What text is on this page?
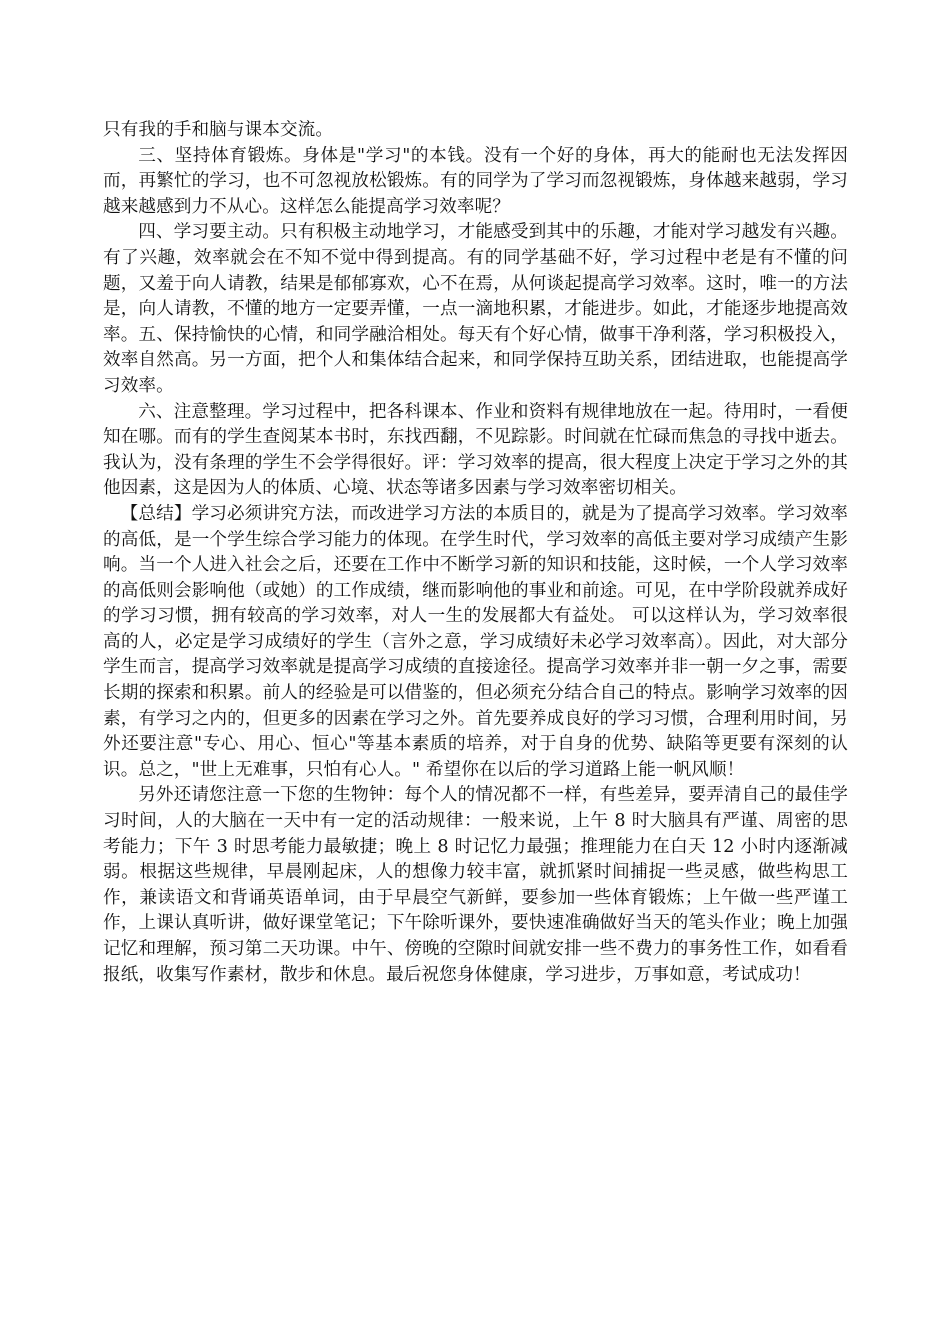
只有我的手和脑与课本交流。

三、坚持体育锻炼。身体是"学习"的本钱。没有一个好的身体，再大的能耐也无法发挥因而，再繁忙的学习，也不可忽视放松锻炼。有的同学为了学习而忽视锻炼，身体越来越弱，学习越来越感到力不从心。这样怎么能提高学习效率呢？

四、学习要主动。只有积极主动地学习，才能感受到其中的乐趣，才能对学习越发有兴趣。有了兴趣，效率就会在不知不觉中得到提高。有的同学基础不好，学习过程中老是有不懂的问题，又羞于向人请教，结果是郁郁寡欢，心不在焉，从何谈起提高学习效率。这时，唯一的方法是，向人请教，不懂的地方一定要弄懂，一点一滴地积累，才能进步。如此，才能逐步地提高效率。五、保持愉快的心情，和同学融洽相处。每天有个好心情，做事干净利落，学习积极投入，效率自然高。另一方面，把个人和集体结合起来，和同学保持互助关系，团结进取，也能提高学习效率。

六、注意整理。学习过程中，把各科课本、作业和资料有规律地放在一起。待用时，一看便知在哪。而有的学生查阅某本书时，东找西翻，不见踪影。时间就在忙碌而焦急的寻找中逝去。我认为，没有条理的学生不会学得很好。评：学习效率的提高，很大程度上决定于学习之外的其他因素，这是因为人的体质、心境、状态等诸多因素与学习效率密切相关。

【总结】学习必须讲究方法，而改进学习方法的本质目的，就是为了提高学习效率。学习效率的高低，是一个学生综合学习能力的体现。在学生时代，学习效率的高低主要对学习成绩产生影响。当一个人进入社会之后，还要在工作中不断学习新的知识和技能，这时候，一个人学习效率的高低则会影响他（或她）的工作成绩，继而影响他的事业和前途。可见，在中学阶段就养成好的学习习惯，拥有较高的学习效率，对人一生的发展都大有益处。 可以这样认为，学习效率很高的人，必定是学习成绩好的学生（言外之意，学习成绩好未必学习效率高）。因此，对大部分学生而言，提高学习效率就是提高学习成绩的直接途径。提高学习效率并非一朝一夕之事，需要长期的探索和积累。前人的经验是可以借鉴的，但必须充分结合自己的特点。影响学习效率的因素，有学习之内的，但更多的因素在学习之外。首先要养成良好的学习习惯，合理利用时间，另外还要注意"专心、用心、恒心"等基本素质的培养，对于自身的优势、缺陷等更要有深刻的认识。总之，"世上无难事，只怕有心人。" 希望你在以后的学习道路上能一帆风顺！

另外还请您注意一下您的生物钟：每个人的情况都不一样，有些差异，要弄清自己的最佳学习时间，人的大脑在一天中有一定的活动规律：一般来说，上午 8 时大脑具有严谨、周密的思考能力；下午 3 时思考能力最敏捷；晚上 8 时记忆力最强；推理能力在白天 12 小时内逐渐减弱。根据这些规律，早晨刚起床，人的想像力较丰富，就抓紧时间捕捉一些灵感，做些构思工作，兼读语文和背诵英语单词，由于早晨空气新鲜，要参加一些体育锻炼；上午做一些严谨工作，上课认真听讲，做好课堂笔记；下午除听课外，要快速准确做好当天的笔头作业；晚上加强记忆和理解，预习第二天功课。中午、傍晚的空隙时间就安排一些不费力的事务性工作，如看看报纸，收集写作素材，散步和休息。最后祝您身体健康，学习进步，万事如意，考试成功！
